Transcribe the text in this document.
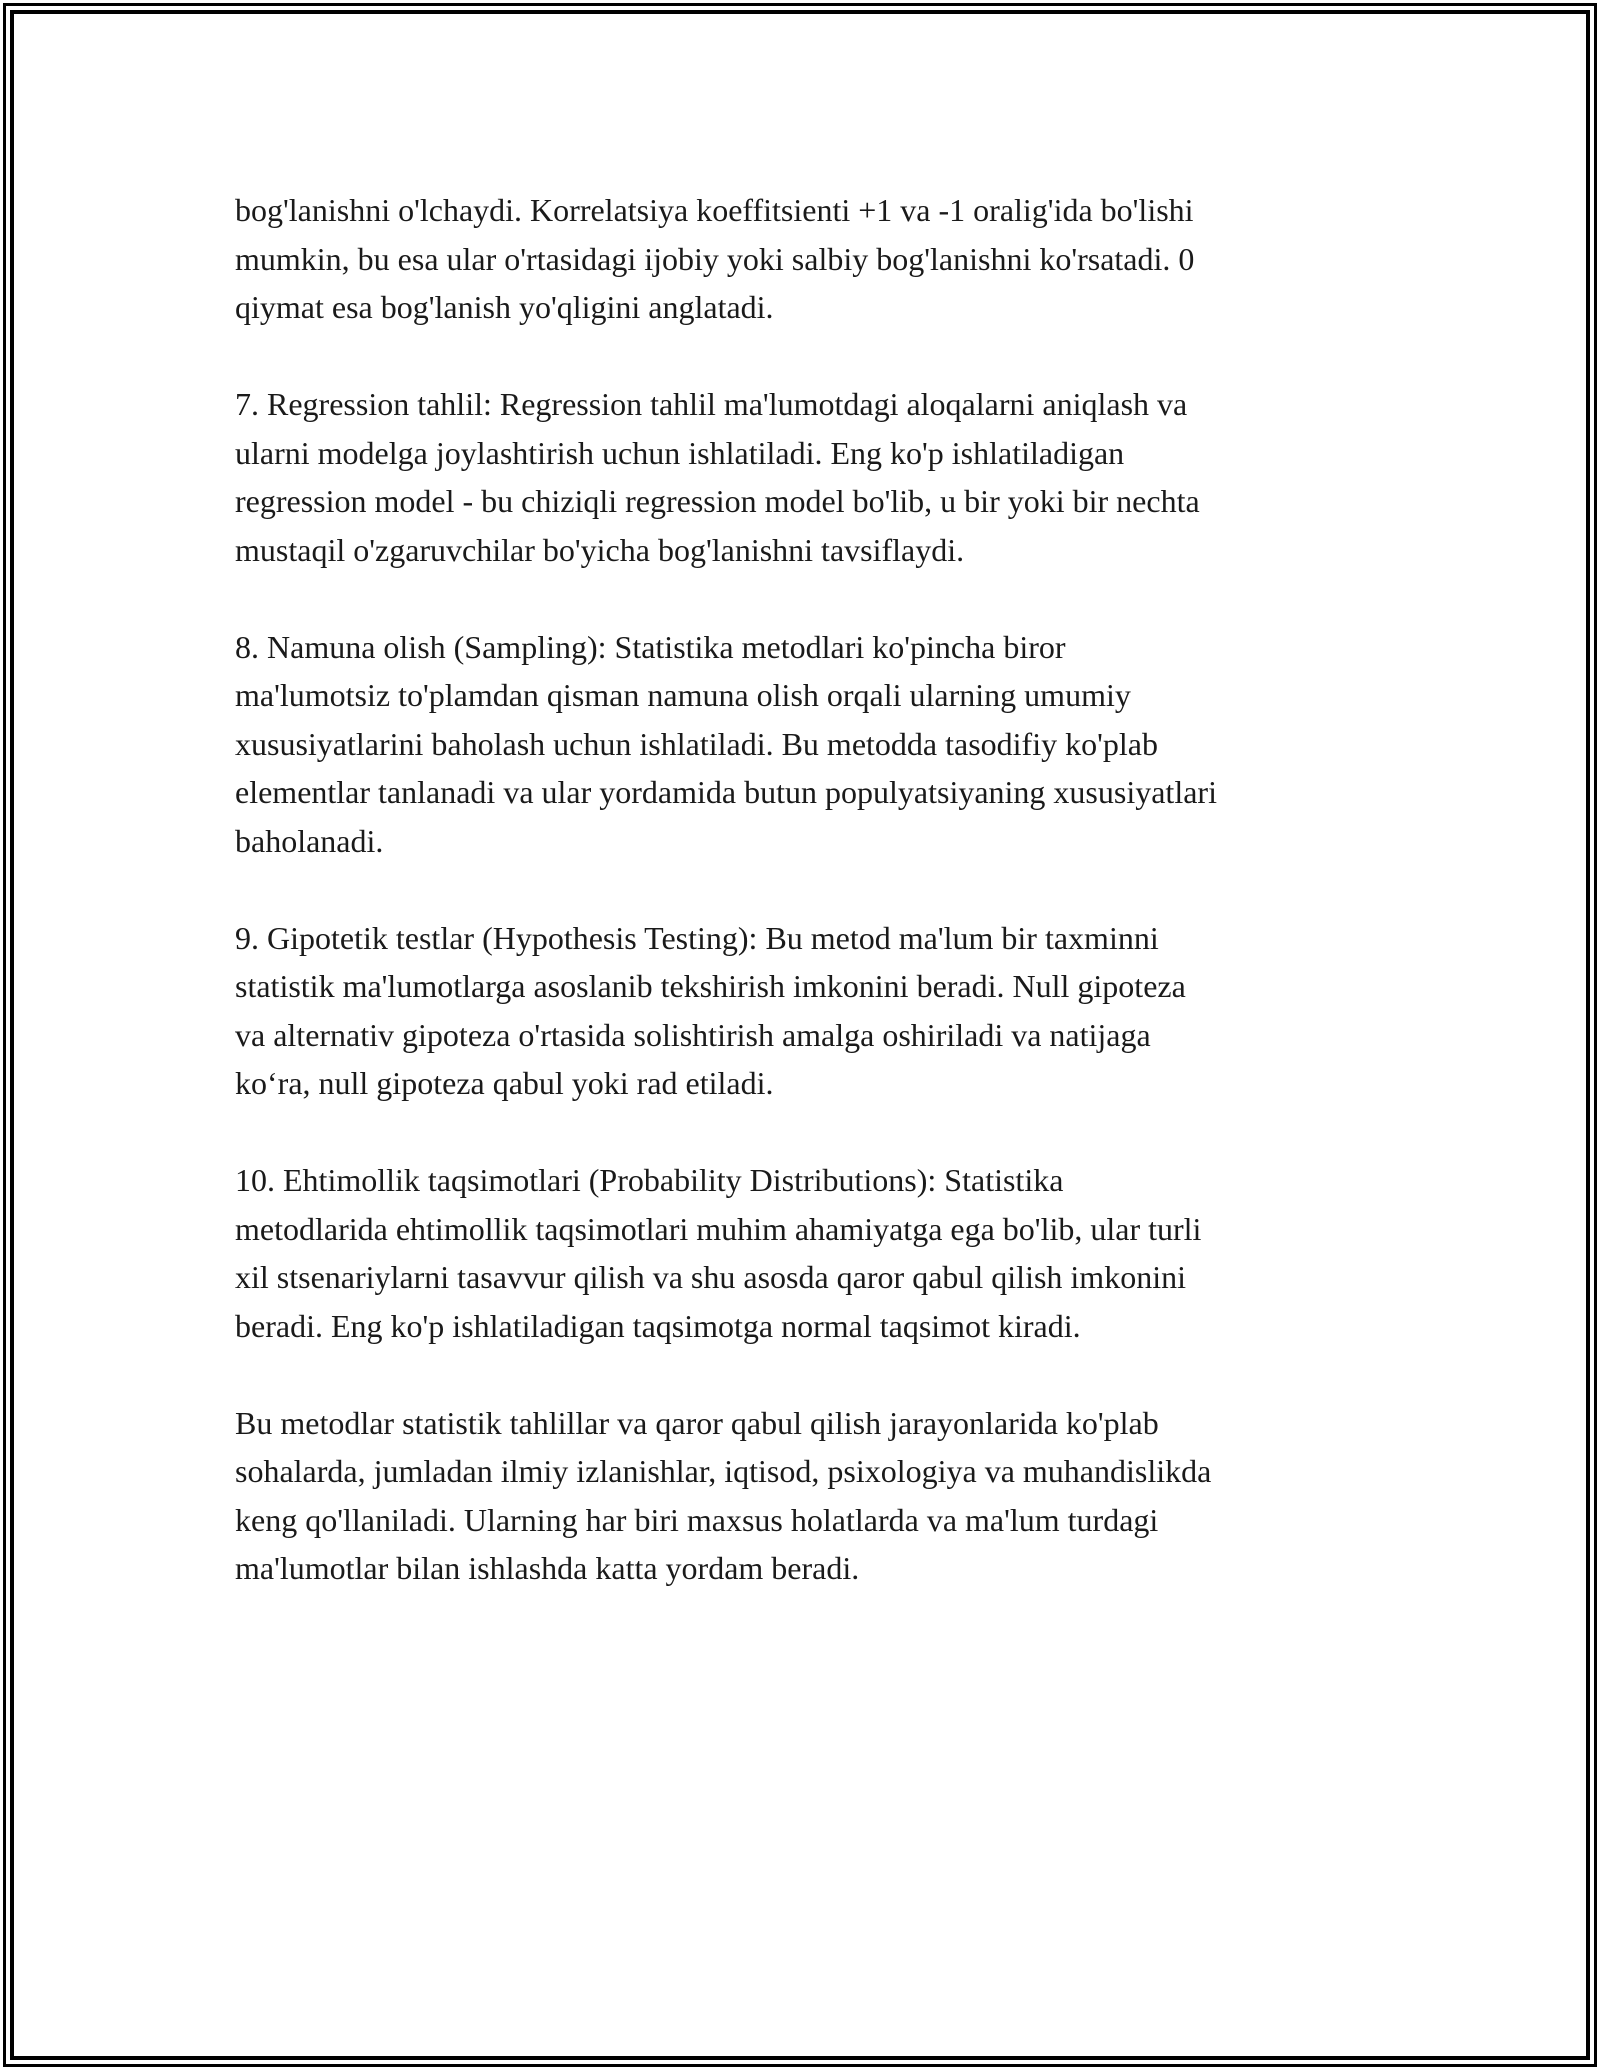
bog'lanishni o'lchaydi. Korrelatsiya koeffitsienti +1 va -1 oralig'ida bo'lishi
mumkin, bu esa ular o'rtasidagi ijobiy yoki salbiy bog'lanishni ko'rsatadi. 0
qiymat esa bog'lanish yo'qligini anglatadi.

7. Regression tahlil: Regression tahlil ma'lumotdagi aloqalarni aniqlash va
ularni modelga joylashtirish uchun ishlatiladi. Eng ko'p ishlatiladigan
regression model - bu chiziqli regression model bo'lib, u bir yoki bir nechta
mustaqil o'zgaruvchilar bo'yicha bog'lanishni tavsiflaydi.

8. Namuna olish (Sampling): Statistika metodlari ko'pincha biror
ma'lumotsiz to'plamdan qisman namuna olish orqali ularning umumiy
xususiyatlarini baholash uchun ishlatiladi. Bu metodda tasodifiy ko'plab
elementlar tanlanadi va ular yordamida butun populyatsiyaning xususiyatlari
baholanadi.

9. Gipotetik testlar (Hypothesis Testing): Bu metod ma'lum bir taxminni
statistik ma'lumotlarga asoslanib tekshirish imkonini beradi. Null gipoteza
va alternativ gipoteza o'rtasida solishtirish amalga oshiriladi va natijaga
ko‘ra, null gipoteza qabul yoki rad etiladi.

10. Ehtimollik taqsimotlari (Probability Distributions): Statistika
metodlarida ehtimollik taqsimotlari muhim ahamiyatga ega bo'lib, ular turli
xil stsenariylarni tasavvur qilish va shu asosda qaror qabul qilish imkonini
beradi. Eng ko'p ishlatiladigan taqsimotga normal taqsimot kiradi.

Bu metodlar statistik tahlillar va qaror qabul qilish jarayonlarida ko'plab
sohalarda, jumladan ilmiy izlanishlar, iqtisod, psixologiya va muhandislikda
keng qo'llaniladi. Ularning har biri maxsus holatlarda va ma'lum turdagi
ma'lumotlar bilan ishlashda katta yordam beradi.
